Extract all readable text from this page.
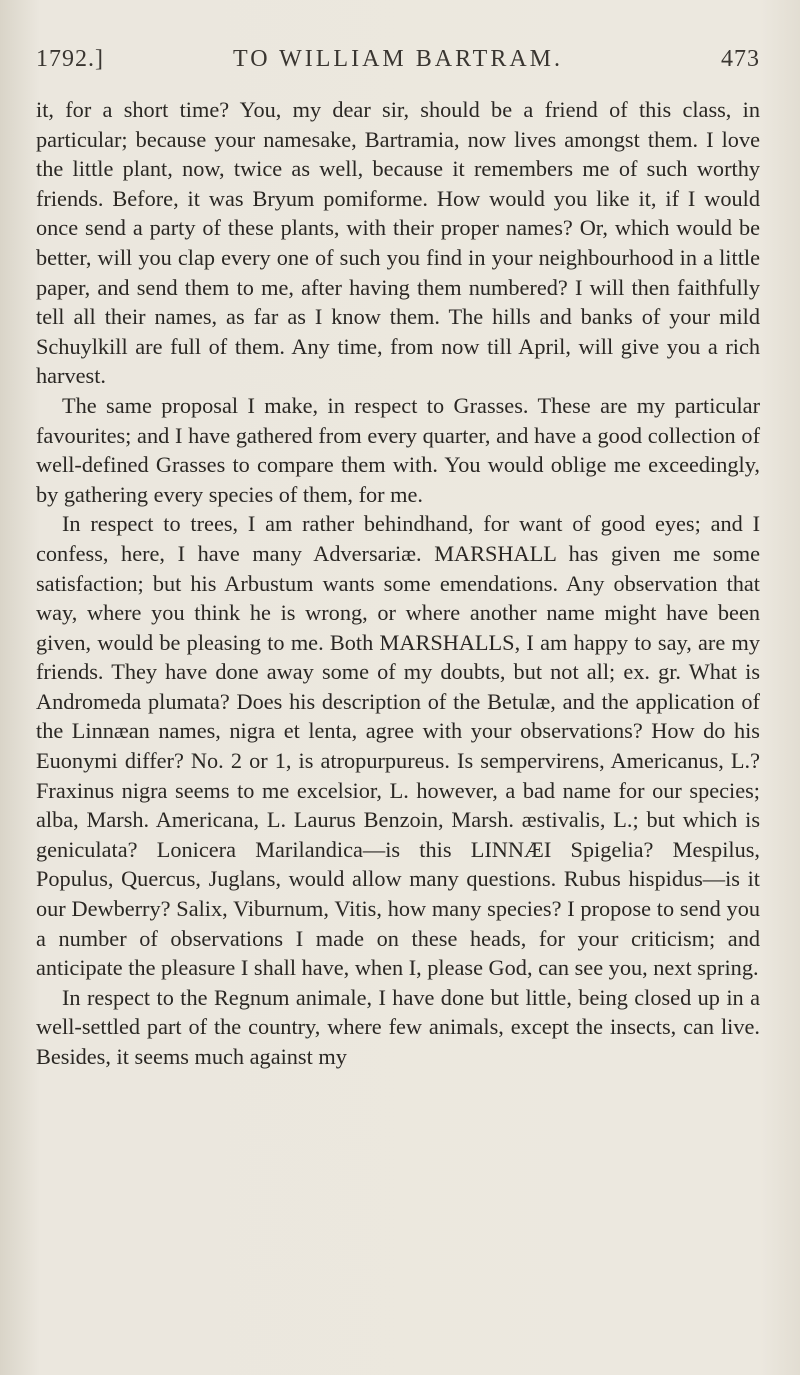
1792.]	TO WILLIAM BARTRAM.	473

it, for a short time? You, my dear sir, should be a friend of this class, in particular; because your namesake, Bartramia, now lives amongst them. I love the little plant, now, twice as well, because it remembers me of such worthy friends. Before, it was Bryum pomiforme. How would you like it, if I would once send a party of these plants, with their proper names? Or, which would be better, will you clap every one of such you find in your neighbourhood in a little paper, and send them to me, after having them numbered? I will then faithfully tell all their names, as far as I know them. The hills and banks of your mild Schuylkill are full of them. Any time, from now till April, will give you a rich harvest.

The same proposal I make, in respect to Grasses. These are my particular favourites; and I have gathered from every quarter, and have a good collection of well-defined Grasses to compare them with. You would oblige me exceedingly, by gathering every species of them, for me.

In respect to trees, I am rather behindhand, for want of good eyes; and I confess, here, I have many Adversariæ. MARSHALL has given me some satisfaction; but his Arbustum wants some emendations. Any observation that way, where you think he is wrong, or where another name might have been given, would be pleasing to me. Both MARSHALLS, I am happy to say, are my friends. They have done away some of my doubts, but not all; ex. gr. What is Andromeda plumata? Does his description of the Betulæ, and the application of the Linnæan names, nigra et lenta, agree with your observations? How do his Euonymi differ? No. 2 or 1, is atropurpureus. Is sempervirens, Americanus, L.? Fraxinus nigra seems to me excelsior, L. however, a bad name for our species; alba, Marsh. Americana, L. Laurus Benzoin, Marsh. æstivalis, L.; but which is geniculata? Lonicera Marilandica—is this LINNÆI Spigelia? Mespilus, Populus, Quercus, Juglans, would allow many questions. Rubus hispidus—is it our Dewberry? Salix, Viburnum, Vitis, how many species? I propose to send you a number of observations I made on these heads, for your criticism; and anticipate the pleasure I shall have, when I, please God, can see you, next spring.

In respect to the Regnum animale, I have done but little, being closed up in a well-settled part of the country, where few animals, except the insects, can live. Besides, it seems much against my
